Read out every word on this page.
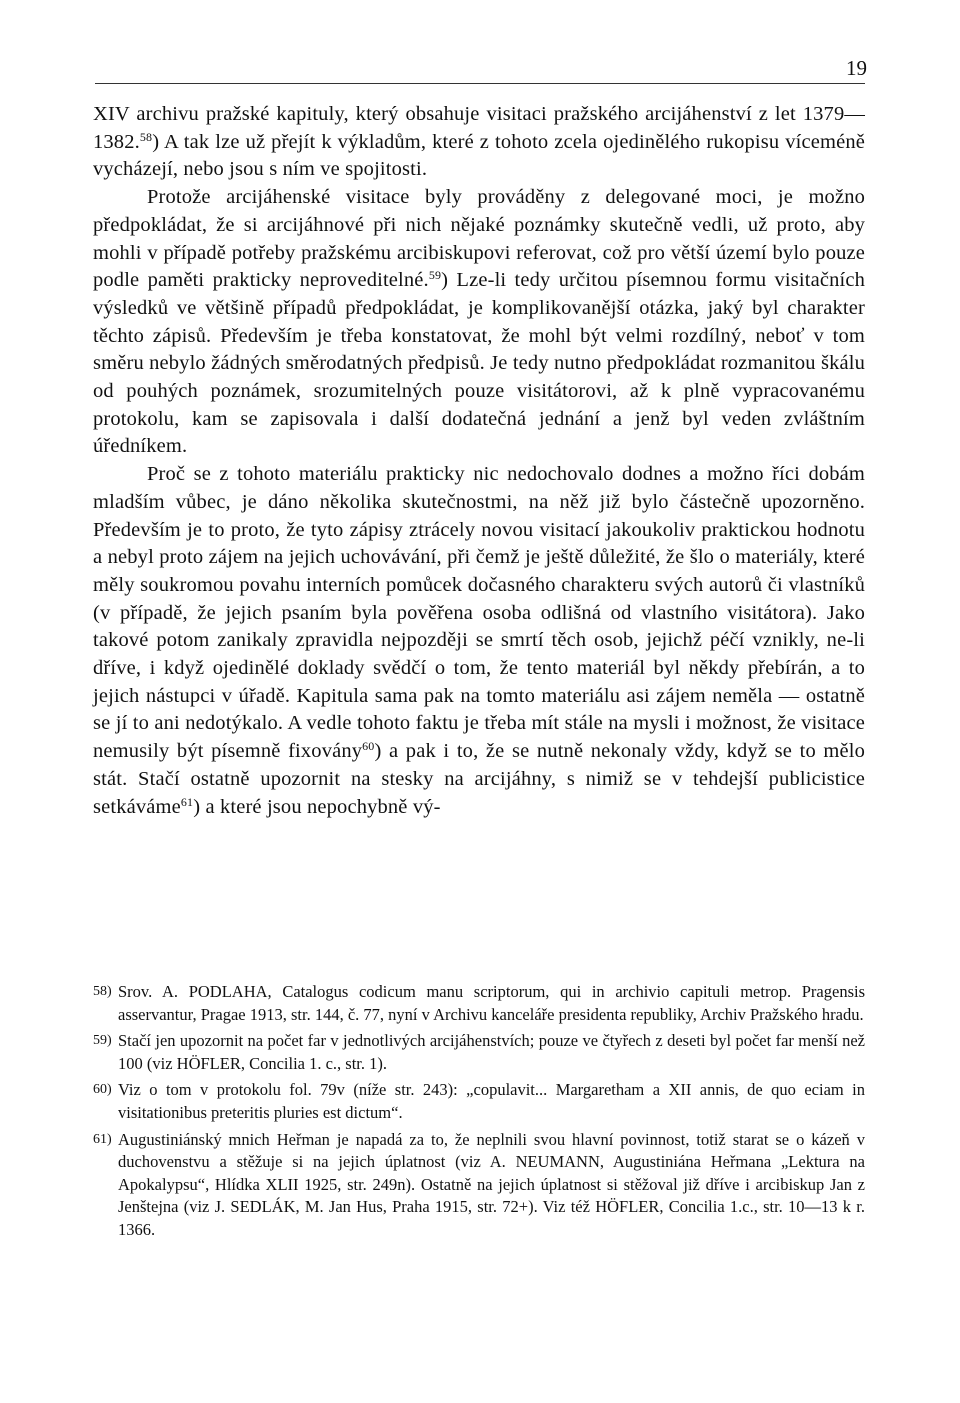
19

XIV archivu pražské kapituly, který obsahuje visitaci pražského arcijáhenství z let 1379—1382.58) A tak lze už přejít k výkladům, které z tohoto zcela ojedinělého rukopisu víceméně vycházejí, nebo jsou s ním ve spojitosti.

Protože arcijáhenské visitace byly prováděny z delegované moci, je možno předpokládat, že si arcijáhnové při nich nějaké poznámky skutečně vedli, už proto, aby mohli v případě potřeby pražskému arcibiskupovi referovat, což pro větší území bylo pouze podle paměti prakticky neproveditelné.$^{59}$) Lze-li tedy určitou písemnou formu visitačních výsledků ve většině případů předpokládat, je komplikovanější otázka, jaký byl charakter těchto zápisů. Především je třeba konstatovat, že mohl být velmi rozdílný, neboť v tom směru nebylo žádných směrodatných předpisů. Je tedy nutno předpokládat rozmanitou škálu od pouhých poznámek, srozumitelných pouze visitátorovi, až k plně vypracovanému protokolu, kam se zapisovala i další dodatečná jednání a jenž byl veden zvláštním úředníkem.

Proč se z tohoto materiálu prakticky nic nedochovalo dodnes a možno říci dobám mladším vůbec, je dáno několika skutečnostmi, na něž již bylo částečně upozorněno. Především je to proto, že tyto zápisy ztrácely novou visitací jakoukoliv praktickou hodnotu a nebyl proto zájem na jejich uchovávání, při čemž je ještě důležité, že šlo o materiály, které měly soukromou povahu interních pomůcek dočasného charakteru svých autorů či vlastníků (v případě, že jejich psaním byla pověřena osoba odlišná od vlastního visitátora). Jako takové potom zanikaly zpravidla nejpozději se smrtí těch osob, jejichž péčí vznikly, ne-li dříve, i když ojedinělé doklady svědčí o tom, že tento materiál byl někdy přebírán, a to jejich nástupci v úřadě. Kapitula sama pak na tomto materiálu asi zájem neměla — ostatně se jí to ani nedotýkalo. A vedle tohoto faktu je třeba mít stále na mysli i možnost, že visitace nemusily být písemně fixovány$^{60}$) a pak i to, že se nutně nekonaly vždy, když se to mělo stát. Stačí ostatně upozornit na stesky na arcijáhny, s nimiž se v tehdejší publicistice setkáváme$^{61}$) a které jsou nepochybně vý-

58) Srov. A. PODLAHA, Catalogus codicum manu scriptorum, qui in archivio capituli metrop. Pragensis asservantur, Pragae 1913, str. 144, č. 77, nyní v Archivu kanceláře presidenta republiky, Archiv Pražského hradu.
59) Stačí jen upozornit na počet far v jednotlivých arcijáhenstvích; pouze ve čtyřech z deseti byl počet far menší než 100 (viz HÖFLER, Concilia 1. c., str. 1).
60) Viz o tom v protokolu fol. 79v (níže str. 243): „copulavit... Margaretham a XII annis, de quo eciam in visitationibus preteritis pluries est dictum“.
61) Augustiniánský mnich Heřman je napadá za to, že neplnili svou hlavní povinnost, totiž starat se o kázeň v duchovenstvu a stěžuje si na jejich úplatnost (viz A. NEUMANN, Augustiniána Heřmana „Lektura na Apokalypsu“, Hlídka XLII 1925, str. 249n). Ostatně na jejich úplatnost si stěžoval již dříve i arcibiskup Jan z Jenštejna (viz J. SEDLÁK, M. Jan Hus, Praha 1915, str. 72+). Viz též HÖFLER, Concilia 1.c., str. 10—13 k r. 1366.
